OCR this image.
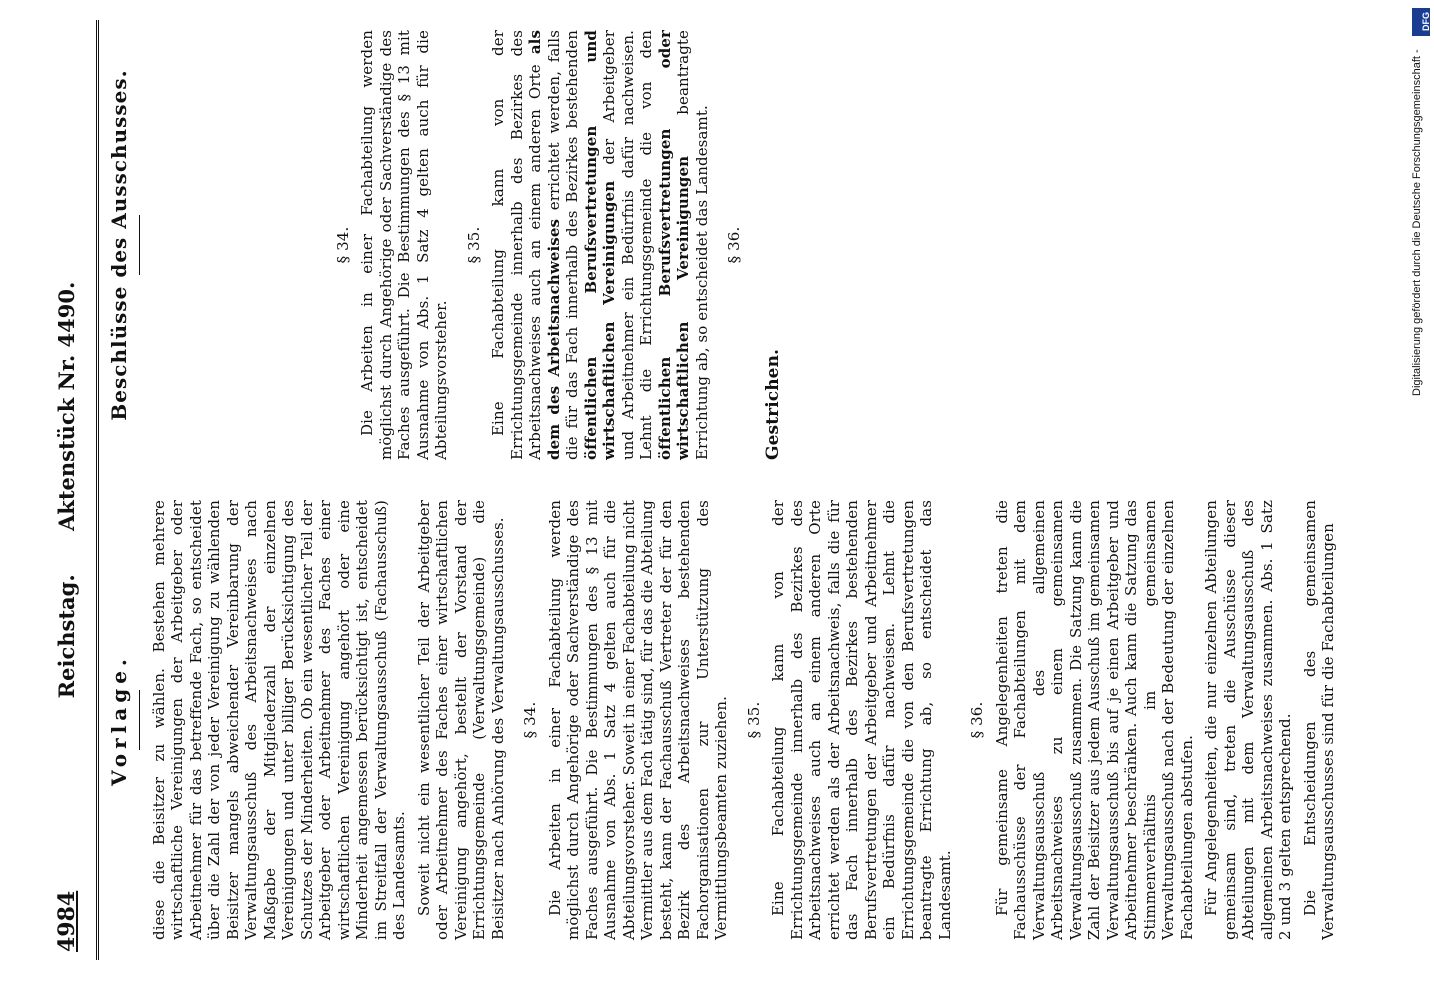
4984
Reichstag. Aktenstück Nr. 4490.
Vorlage. diese die Beisitzer zu wählen. Bestehen mehrere wirtschaftliche Vereinigungen der Arbeitgeber oder Arbeitnehmer für das betreffende Fach, so entscheidet über die Zahl der von jeder Vereinigung zu wählenden Beisitzer mangels abweichender Vereinbarung der Verwaltungsausschuß des Arbeitsnachweises nach Maßgabe der Mitgliederzahl der einzelnen Vereinigungen und unter billiger Berücksichtigung des Schutzes der Minderheiten. Ob ein wesentlicher Teil der Arbeitgeber oder Arbeitnehmer des Faches einer wirtschaftlichen Vereinigung angehört oder eine Minderheit angemessen berücksichtigt ist, entscheidet im Streitfall der Verwaltungsausschuß (Fachausschuß) des Landesamts. Soweit nicht ein wesentlicher Teil der Arbeitgeber oder Arbeitnehmer des Faches einer wirtschaftlichen Vereinigung angehört, bestellt der Vorstand der Errichtungsgemeinde (Verwaltungsgemeinde) die Beisitzer nach Anhörung des Verwaltungsausschusses. § 34. Die Arbeiten in einer Fachabteilung werden möglichst durch Angehörige oder Sachverständige des Faches ausgeführt. Die Bestimmungen des § 13 mit Ausnahme von Abs. 1 Satz 4 gelten auch für die Abteilungsvorsteher. Soweit in einer Fachabteilung nicht Vermittler aus dem Fach tätig sind, für das die Abteilung besteht, kann der Fachausschuß Vertreter der für den Bezirk des Arbeitsnachweises bestehenden Fachorganisationen zur Unterstützung des Vermittlungsbeamten zuziehen. § 35. Eine Fachabteilung kann von der Errichtungsgemeinde innerhalb des Bezirkes des Arbeitsnachweises auch an einem anderen Orte errichtet werden als der Arbeitsnachweis, falls die für das Fach innerhalb des Bezirkes bestehenden Berufsvertretungen der Arbeitgeber und Arbeitnehmer ein Bedürfnis dafür nachweisen. Lehnt die Errichtungsgemeinde die von den Berufsvertretungen beantragte Errichtung ab, so entscheidet das Landesamt.

§ 36. Für gemeinsame Angelegenheiten treten die Fachausschüsse der Fachabteilungen mit dem Verwaltungsausschuß des allgemeinen Arbeitsnachweises zu einem gemeinsamen Verwaltungsausschuß zusammen. Die Satzung kann die Zahl der Beisitzer aus jedem Ausschuß im gemeinsamen Verwaltungsausschuß bis auf je einen Arbeitgeber und Arbeitnehmer beschränken. Auch kann die Satzung das Stimmenverhältnis im gemeinsamen Verwaltungsausschuß nach der Bedeutung der einzelnen Fachabteilungen abstufen. Für Angelegenheiten, die nur einzelnen Abteilungen gemeinsam sind, treten die Ausschüsse dieser Abteilungen mit dem Verwaltungsausschuß des allgemeinen Arbeitsnachweises zusammen. Abs. 1 Satz 2 und 3 gelten entsprechend. Die Entscheidungen des gemeinsamen Verwaltungsausschusses sind für die Fachabteilungen

Beschlüsse des Ausschusses.	§ 34. Die Arbeiten in einer Fachabteilung werden möglichst durch Angehörige oder Sachverständige des Faches ausgeführt. Die Bestimmungen des § 13 mit Ausnahme von Abs. 1 Satz 4 gelten auch für die Abteilungsvorsteher.

§ 35. Eine Fachabteilung kann von der Errichtungsgemeinde innerhalb des Bezirkes des Arbeitsnachweises auch an einem anderen Orte als dem des Arbeitsnachweises errichtet werden, falls die für das Fach innerhalb des Bezirkes bestehenden öffentlichen Berufsvertretungen und wirtschaftlichen Vereinigungen der Arbeitgeber und Arbeitnehmer ein Bedürfnis dafür nachweisen. Lehnt die Errichtungsgemeinde die von den öffentlichen Berufsvertretungen oder wirtschaftlichen Vereinigungen beantragte Errichtung ab, so entscheidet das Landesamt. § 36.
Gestrichen.
Digitalisierung gefördert durch die Deutsche Forschungsgemeinschaft -
DFG
